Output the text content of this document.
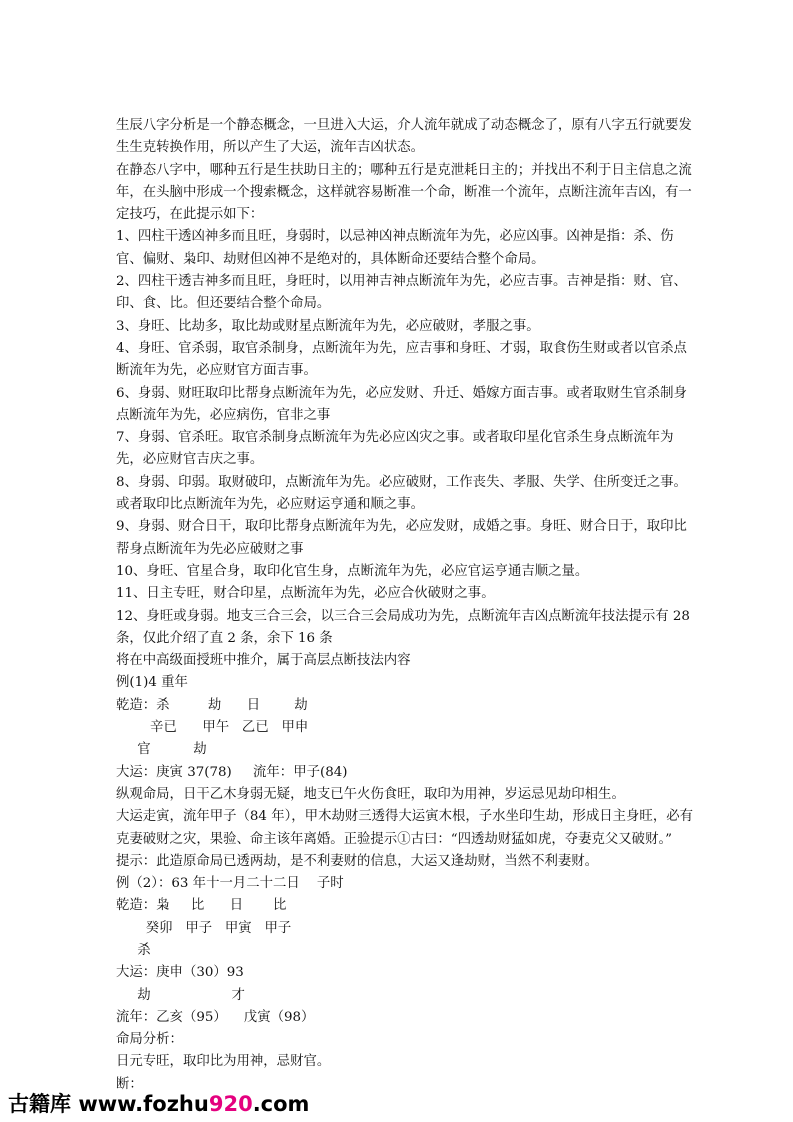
生辰八字分析是一个静态概念，一旦进入大运，介人流年就成了动态概念了，原有八字五行就要发生生克转换作用，所以产生了大运，流年吉凶状态。
在静态八字中，哪种五行是生扶助日主的；哪种五行是克泄耗日主的；并找出不利于日主信息之流年，在头脑中形成一个搜索概念，这样就容易断准一个命，断准一个流年，点断注流年吉凶，有一定技巧，在此提示如下：
1、四柱干透凶神多而且旺，身弱时，以忌神凶神点断流年为先，必应凶事。凶神是指：杀、伤官、偏财、枭印、劫财但凶神不是绝对的，具体断命还要结合整个命局。
2、四柱干透吉神多而且旺，身旺时，以用神吉神点断流年为先，必应吉事。吉神是指：财、官、印、食、比。但还要结合整个命局。
3、身旺、比劫多，取比劫或财星点断流年为先，必应破财，孝服之事。
4、身旺、官杀弱，取官杀制身，点断流年为先，应吉事和身旺、才弱，取食伤生财或者以官杀点断流年为先，必应财官方面吉事。
6、身弱、财旺取印比帮身点断流年为先，必应发财、升迁、婚嫁方面吉事。或者取财生官杀制身点断流年为先，必应病伤，官非之事
7、身弱、官杀旺。取官杀制身点断流年为先必应凶灾之事。或者取印星化官杀生身点断流年为先，必应财官吉庆之事。
8、身弱、印弱。取财破印，点断流年为先。必应破财，工作丧失、孝服、失学、住所变迁之事。或者取印比点断流年为先，必应财运亨通和顺之事。
9、身弱、财合日干，取印比帮身点断流年为先，必应发财，成婚之事。身旺、财合日于，取印比帮身点断流年为先必应破财之事
10、身旺、官星合身，取印化官生身，点断流年为先，必应官运亨通吉顺之量。
11、日主专旺，财合印星，点断流年为先，必应合伙破财之事。
12、身旺或身弱。地支三合三会，以三合三会局成功为先，点断流年吉凶点断流年技法提示有 28 条，仅此介绍了直 2 条，余下 16 条
将在中高级面授班中推介，属于高层点断技法内容
例(1)4 重年
乾造：杀         劫      日        劫
辛已      甲午   乙已   甲申
官          劫
大运：庚寅 37(78)     流年：甲子(84)
纵观命局，日干乙木身弱无疑，地支已午火伤食旺，取印为用神，岁运忌见劫印相生。
大运走寅，流年甲子（84 年），甲木劫财三透得大运寅木根，子水坐印生劫，形成日主身旺，必有克妻破财之灾，果验、命主该年离婚。正验提示①古曰：“四透劫财猛如虎，夺妻克父又破财。”
提示：此造原命局已透两劫，是不利妻财的信息，大运又逢劫财，当然不利妻财。
例（2）：63 年十一月二十二日    子时
乾造：枭     比      日       比
癸卯   甲子   甲寅   甲子
杀
大运：庚申（30）93
劫                   才
流年：乙亥（95）    戊寅（98）
命局分析：
日元专旺，取印比为用神，忌财官。
断：
古籍库 www.fozhu920.com
